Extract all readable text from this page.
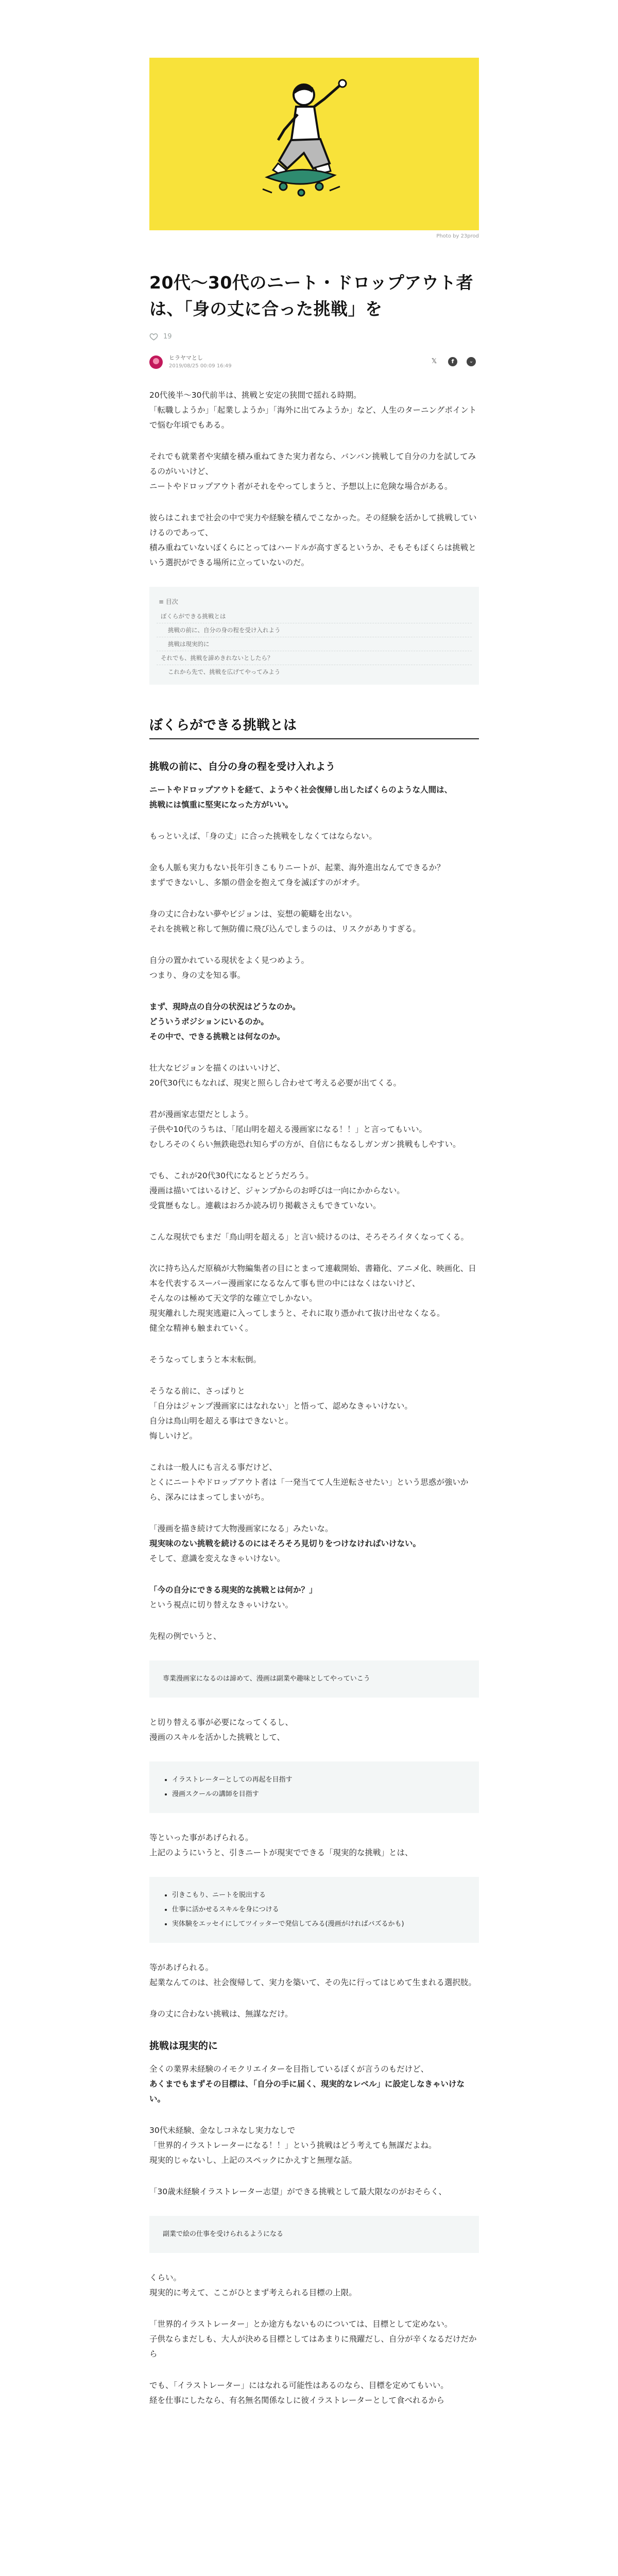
Photo by 23prod
20代〜30代のニート・ドロップアウト者
は、「身の丈に合った挑戦」を
19
ヒラヤマとし
2019/08/25 00:09 16:49
𝕏	f	⌄

20代後半〜30代前半は、挑戦と安定の狭間で揺れる時期。
「転職しようか」「起業しようか」「海外に出てみようか」など、人生のターニングポイントで悩む年頃でもある。

それでも就業者や実績を積み重ねてきた実力者なら、バンバン挑戦して自分の力を試してみるのがいいけど、
ニートやドロップアウト者がそれをやってしまうと、予想以上に危険な場合がある。

彼らはこれまで社会の中で実力や経験を積んでこなかった。その経験を活かして挑戦していけるのであって、
積み重ねていないぼくらにとってはハードルが高すぎるというか、そもそもぼくらは挑戦という選択ができる場所に立っていないのだ。

≡ 目次
ぼくらができる挑戦とは
挑戦の前に、自分の身の程を受け入れよう
挑戦は現実的に
それでも、挑戦を諦めきれないとしたら？
これから先で、挑戦を広げてやってみよう
ぼくらができる挑戦とは
挑戦の前に、自分の身の程を受け入れよう

ニートやドロップアウトを経て、ようやく社会復帰し出したばくらのような人間は、
挑戦には慎重に堅実になった方がいい。

もっといえば、「身の丈」に合った挑戦をしなくてはならない。

金も人脈も実力もない長年引きこもりニートが、起業、海外進出なんてできるか？
まずできないし、多額の借金を抱えて身を滅ぼすのがオチ。

身の丈に合わない夢やビジョンは、妄想の範疇を出ない。
それを挑戦と称して無防備に飛び込んでしまうのは、リスクがありすぎる。

自分の置かれている現状をよく見つめよう。
つまり、身の丈を知る事。

まず、現時点の自分の状況はどうなのか。
どういうポジションにいるのか。
その中で、できる挑戦とは何なのか。

壮大なビジョンを描くのはいいけど、
20代30代にもなれば、現実と照らし合わせて考える必要が出てくる。

君が漫画家志望だとしよう。
子供や10代のうちは、「尾山明を超える漫画家になる！！」と言ってもいい。
むしろそのくらい無鉄砲恐れ知らずの方が、自信にもなるしガンガン挑戦もしやすい。

でも、これが20代30代になるとどうだろう。
漫画は描いてはいるけど、ジャンプからのお呼びは一向にかからない。
受賞歴もなし。連載はおろか読み切り掲載さえもできていない。

こんな現状でもまだ「鳥山明を超える」と言い続けるのは、そろそろイタくなってくる。

次に持ち込んだ原稿が大物編集者の目にとまって連載開始、書籍化、アニメ化、映画化、日本を代表するスーパー漫画家になるなんて事も世の中にはなくはないけど、
そんなのは極めて天文学的な確立でしかない。
現実離れした現実逃避に入ってしまうと、それに取り憑かれて抜け出せなくなる。
健全な精神も触まれていく。

そうなってしまうと本末転倒。

そうなる前に、さっぱりと
「自分はジャンプ漫画家にはなれない」と悟って、認めなきゃいけない。
自分は鳥山明を超える事はできないと。
悔しいけど。

これは一般人にも言える事だけど、
とくにニートやドロップアウト者は「一発当てて人生逆転させたい」という思惑が強いから、深みにはまってしまいがち。

「漫画を描き続けて大物漫画家になる」みたいな。
現実味のない挑戦を続けるのにはそろそろ見切りをつけなければいけない。
そして、意識を変えなきゃいけない。

「今の自分にできる現実的な挑戦とは何か？」
という視点に切り替えなきゃいけない。

先程の例でいうと、

専業漫画家になるのは諦めて、漫画は副業や趣味としてやっていこう

と切り替える事が必要になってくるし、
漫画のスキルを活かした挑戦として、

• イラストレーターとしての再起を目指す
• 漫画スクールの講師を目指す

等といった事があげられる。
上記のようにいうと、引きニートが現実でできる「現実的な挑戦」とは、

• 引きこもり、ニートを脱出する
• 仕事に活かせるスキルを身につける
• 実体験をエッセイにしてツイッターで発信してみる(漫画がければバズるかも)

等があげられる。
起業なんてのは、社会復帰して、実力を築いて、その先に行ってはじめて生まれる選択肢。

身の丈に合わない挑戦は、無謀なだけ。

挑戦は現実的に

全くの業界未経験のイモクリエイターを目指しているぼくが言うのもだけど、
あくまでもまずその目標は、「自分の手に届く、現実的なレベル」に設定しなきゃいけない。

30代未経験、金なしコネなし実力なしで
「世界的イラストレーターになる！！」という挑戦はどう考えても無謀だよね。
現実的じゃないし、上記のスペックにかえすと無理な話。

「30歳未経験イラストレーター志望」ができる挑戦として最大限なのがおそらく、

副業で絵の仕事を受けられるようになる

くらい。
現実的に考えて、ここがひとまず考えられる目標の上限。

「世界的イラストレーター」とか途方もないものについては、目標として定めない。
子供ならまだしも、大人が決める目標としてはあまりに飛躍だし、自分が辛くなるだけだから

でも、「イラストレーター」にはなれる可能性はあるのなら、目標を定めてもいい。
経を仕事にしたなら、有名無名関係なしに彼イラストレーターとして食べれるから
